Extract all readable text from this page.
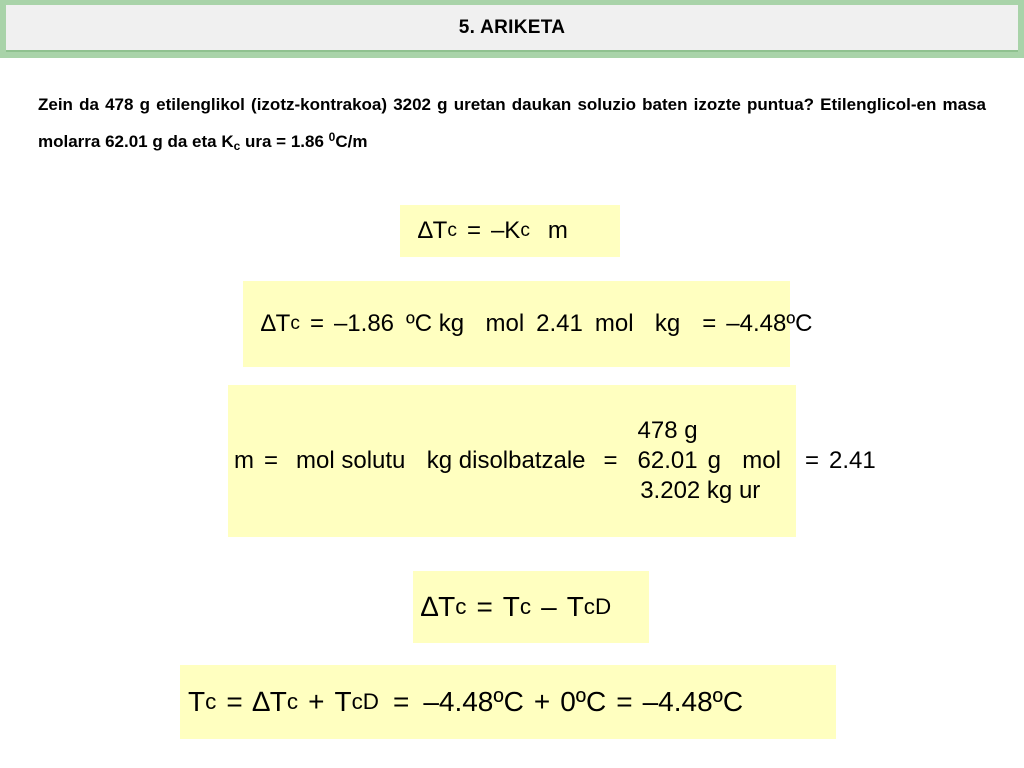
5. ARIKETA
Zein da 478 g etilenglikol (izotz-kontrakoa) 3202 g uretan daukan soluzio baten izozte puntua? Etilenglicol-en masa molarra 62.01 g da eta $K_c$ ura = 1.86 $^0$C/m
∆T c = –K c m
∆T c = –1.86 ºC kg mol 2.41 mol kg = –4.48ºC
m = mol solutu kg disolbatzale =
478 g
62.01 g mol
3.202 kg ur
= 2.41
∆T c = T c – T cD
T c = ∆T c + T cD = –4.48ºC + 0ºC = –4.48ºC
